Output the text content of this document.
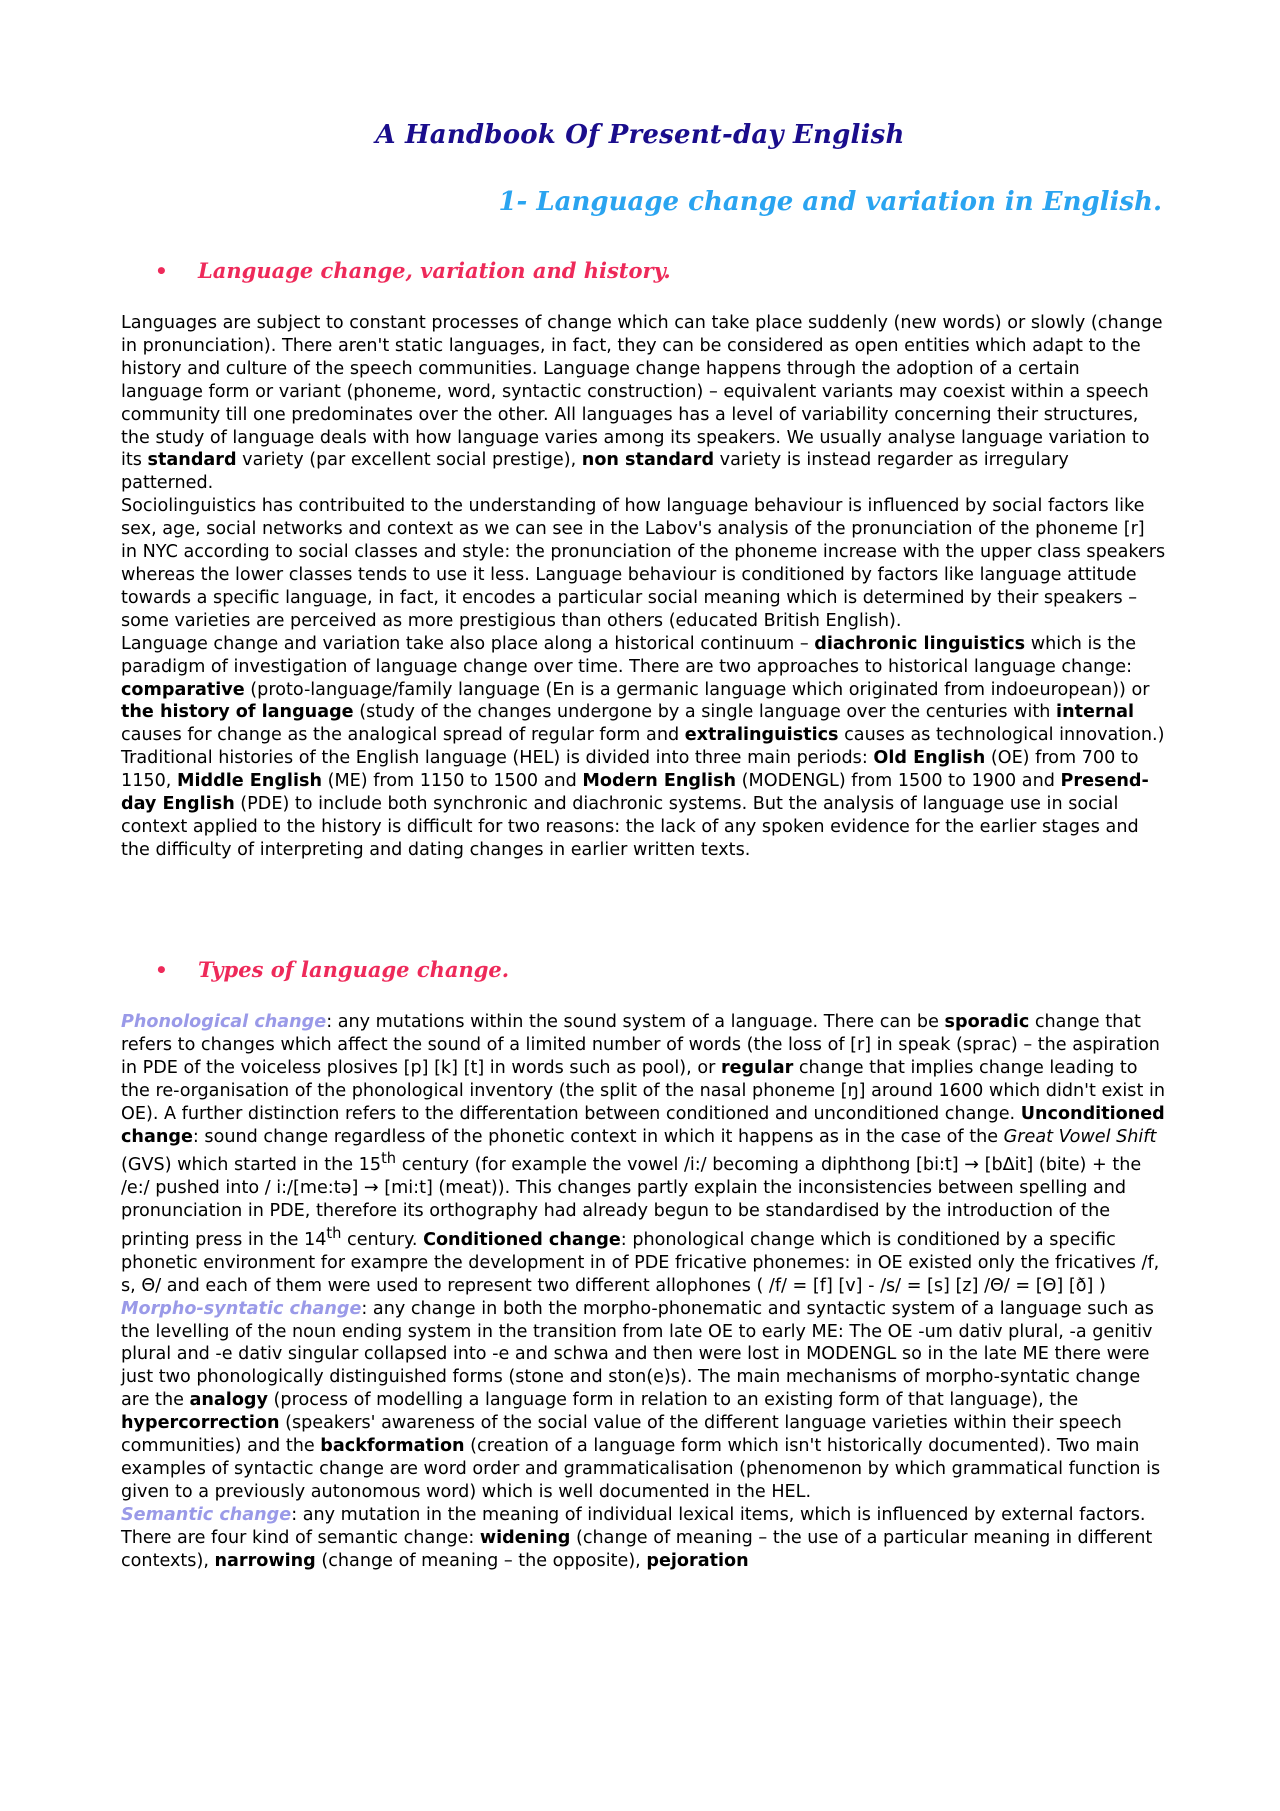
A Handbook Of Present-day English
1- Language change and variation in English.
•	Language change, variation and history.
Languages are subject to constant processes of change which can take place suddenly (new words) or slowly (change in pronunciation). There aren't static languages, in fact, they can be considered as open entities which adapt to the history and culture of the speech communities. Language change happens through the adoption of a certain language form or variant (phoneme, word, syntactic construction) – equivalent variants may coexist within a speech community till one predominates over the other. All languages has a level of variability concerning their structures, the study of language deals with how language varies among its speakers. We usually analyse language variation to its standard variety (par excellent social prestige), non standard variety is instead regarder as irregulary patterned.
Sociolinguistics has contribuited to the understanding of how language behaviour is influenced by social factors like sex, age, social networks and context as we can see in the Labov's analysis of the pronunciation of the phoneme [r] in NYC according to social classes and style: the pronunciation of the phoneme increase with the upper class speakers whereas the lower classes tends to use it less. Language behaviour is conditioned by factors like language attitude towards a specific language, in fact, it encodes a particular social meaning which is determined by their speakers – some varieties are perceived as more prestigious than others (educated British English).
Language change and variation take also place along a historical continuum – diachronic linguistics which is the paradigm of investigation of language change over time. There are two approaches to historical language change: comparative (proto-language/family language (En is a germanic language which originated from indoeuropean)) or the history of language (study of the changes undergone by a single language over the centuries with internal causes for change as the analogical spread of regular form and extralinguistics causes as technological innovation.)
Traditional histories of the English language (HEL) is divided into three main periods: Old English (OE) from 700 to 1150, Middle English (ME) from 1150 to 1500 and Modern English (MODENGL) from 1500 to 1900 and Presend-day English (PDE) to include both synchronic and diachronic systems. But the analysis of language use in social context applied to the history is difficult for two reasons: the lack of any spoken evidence for the earlier stages and the difficulty of interpreting and dating changes in earlier written texts.
•	Types of language change.
Phonological change: any mutations within the sound system of a language. There can be sporadic change that refers to changes which affect the sound of a limited number of words (the loss of [r] in speak (sprac) – the aspiration in PDE of the voiceless plosives [p] [k] [t] in words such as pool), or regular change that implies change leading to the re-organisation of the phonological inventory (the split of the nasal phoneme [ŋ] around 1600 which didn't exist in OE). A further distinction refers to the differentation between conditioned and unconditioned change. Unconditioned change: sound change regardless of the phonetic context in which it happens as in the case of the Great Vowel Shift (GVS) which started in the 15th century (for example the vowel /i:/ becoming a diphthong [bi:t] → [bΔit] (bite) + the /e:/ pushed into / i:/[me:tə] → [mi:t] (meat)). This changes partly explain the inconsistencies between spelling and pronunciation in PDE, therefore its orthography had already begun to be standardised by the introduction of the printing press in the 14th century. Conditioned change: phonological change which is conditioned by a specific phonetic environment for exampre the development in of PDE fricative phonemes: in OE existed only the fricatives /f, s, Θ/ and each of them were used to represent two different allophones ( /f/ = [f] [v] - /s/ = [s] [z] /Θ/ = [Θ] [ð] )
Morpho-syntatic change: any change in both the morpho-phonematic and syntactic system of a language such as the levelling of the noun ending system in the transition from late OE to early ME: The OE -um dativ plural, -a genitiv plural and -e dativ singular collapsed into -e and schwa and then were lost in MODENGL so in the late ME there were just two phonologically distinguished forms (stone and ston(e)s). The main mechanisms of morpho-syntatic change are the analogy (process of modelling a language form in relation to an existing form of that language), the hypercorrection (speakers' awareness of the social value of the different language varieties within their speech communities) and the backformation (creation of a language form which isn't historically documented). Two main examples of syntactic change are word order and grammaticalisation (phenomenon by which grammatical function is given to a previously autonomous word) which is well documented in the HEL.
Semantic change: any mutation in the meaning of individual lexical items, which is influenced by external factors. There are four kind of semantic change: widening (change of meaning – the use of a particular meaning in different contexts), narrowing (change of meaning – the opposite), pejoration
